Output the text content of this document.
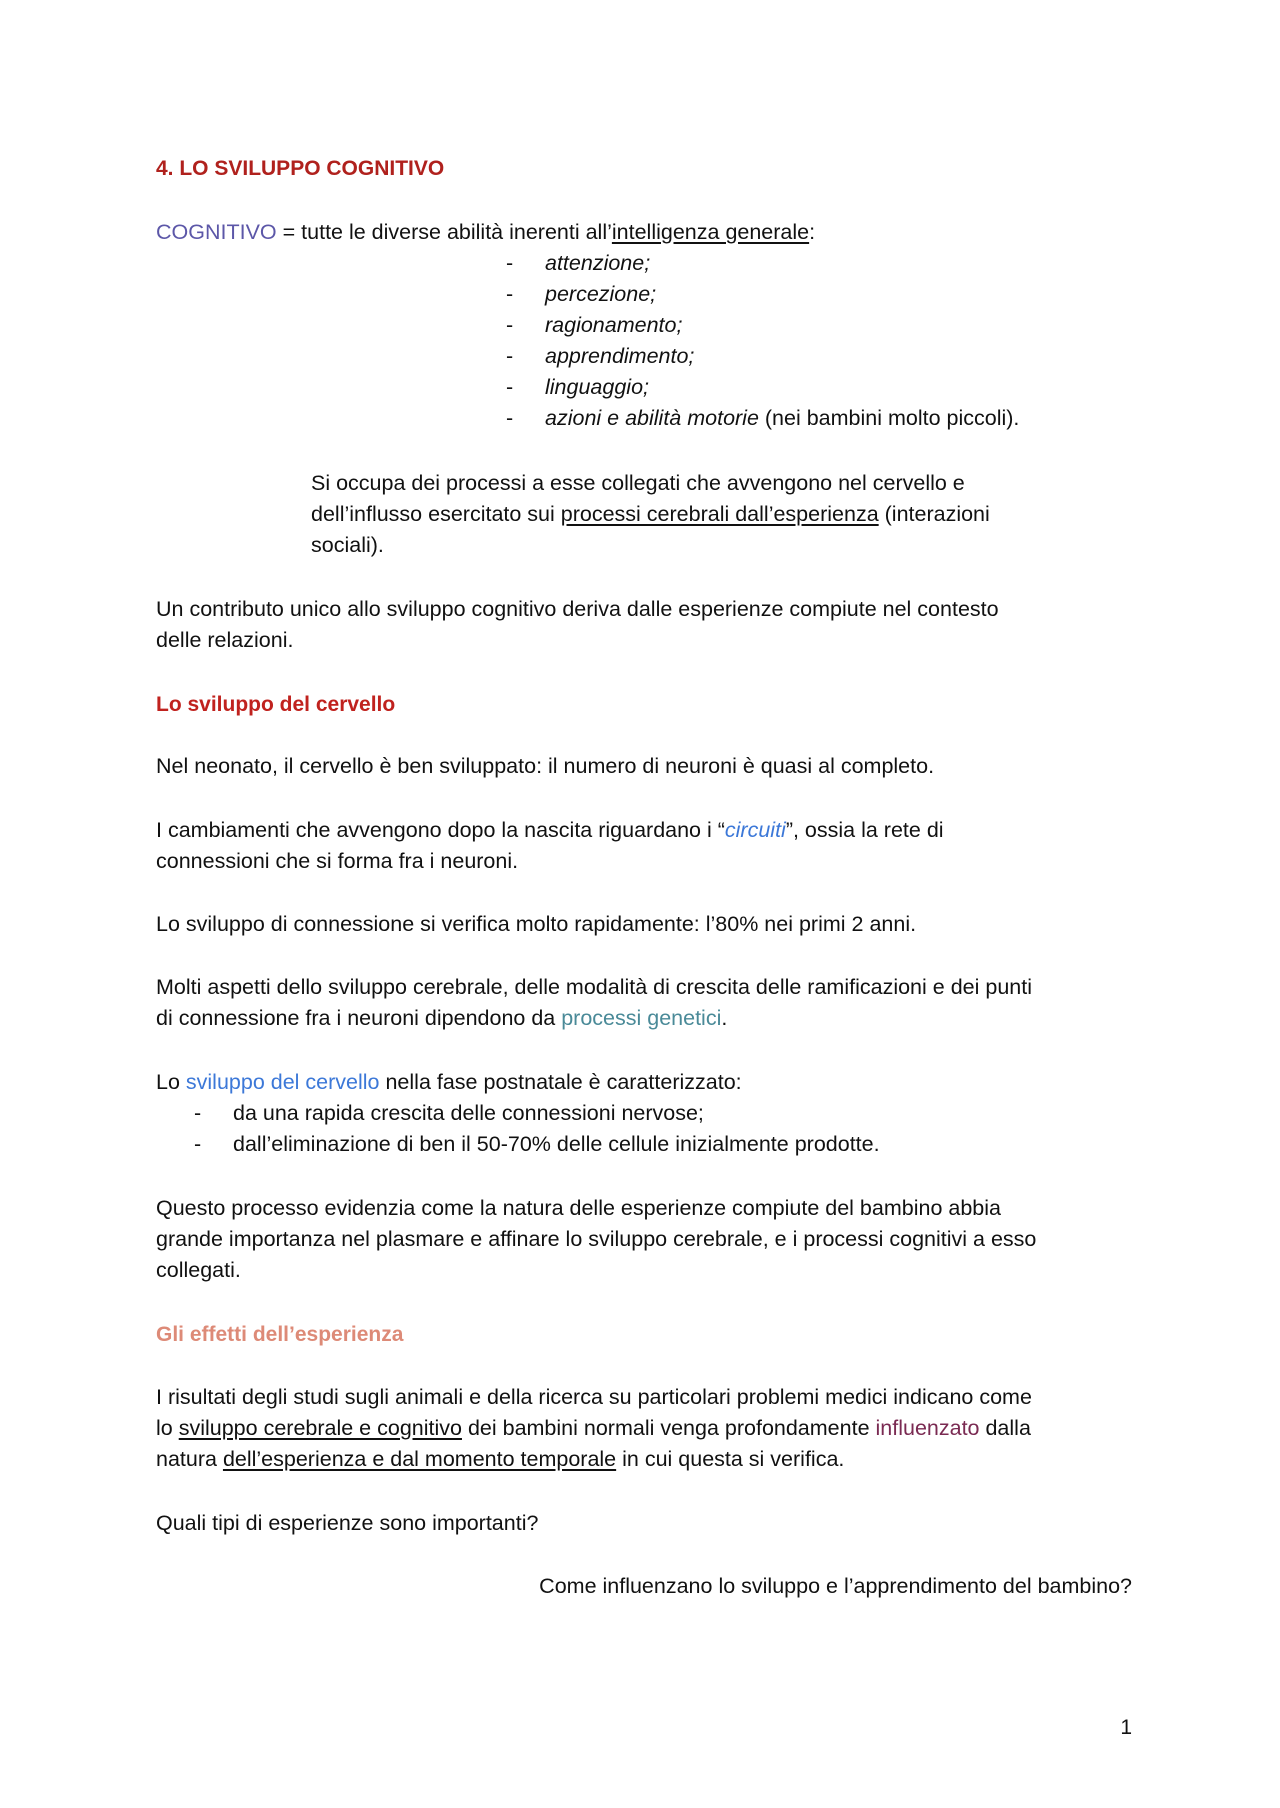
4. LO SVILUPPO COGNITIVO

COGNITIVO = tutte le diverse abilità inerenti all’intelligenza generale:

- attenzione;

- percezione;

- ragionamento;

- apprendimento;

- linguaggio;

- azioni e abilità motorie (nei bambini molto piccoli).

Si occupa dei processi a esse collegati che avvengono nel cervello e

dell’influsso esercitato sui processi cerebrali dall’esperienza (interazioni

sociali).

Un contributo unico allo sviluppo cognitivo deriva dalle esperienze compiute nel contesto

delle relazioni.

Lo sviluppo del cervello

Nel neonato, il cervello è ben sviluppato: il numero di neuroni è quasi al completo.

I cambiamenti che avvengono dopo la nascita riguardano i “circuiti”, ossia la rete di

connessioni che si forma fra i neuroni.

Lo sviluppo di connessione si verifica molto rapidamente: l’80% nei primi 2 anni.

Molti aspetti dello sviluppo cerebrale, delle modalità di crescita delle ramificazioni e dei punti

di connessione fra i neuroni dipendono da processi genetici.

Lo sviluppo del cervello nella fase postnatale è caratterizzato:

- da una rapida crescita delle connessioni nervose;

- dall’eliminazione di ben il 50-70% delle cellule inizialmente prodotte.

Questo processo evidenzia come la natura delle esperienze compiute del bambino abbia

grande importanza nel plasmare e affinare lo sviluppo cerebrale, e i processi cognitivi a esso

collegati.

Gli effetti dell’esperienza

I risultati degli studi sugli animali e della ricerca su particolari problemi medici indicano come

lo sviluppo cerebrale e cognitivo dei bambini normali venga profondamente influenzato dalla

natura dell’esperienza e dal momento temporale in cui questa si verifica.

Quali tipi di esperienze sono importanti?

Come influenzano lo sviluppo e l’apprendimento del bambino?

1
